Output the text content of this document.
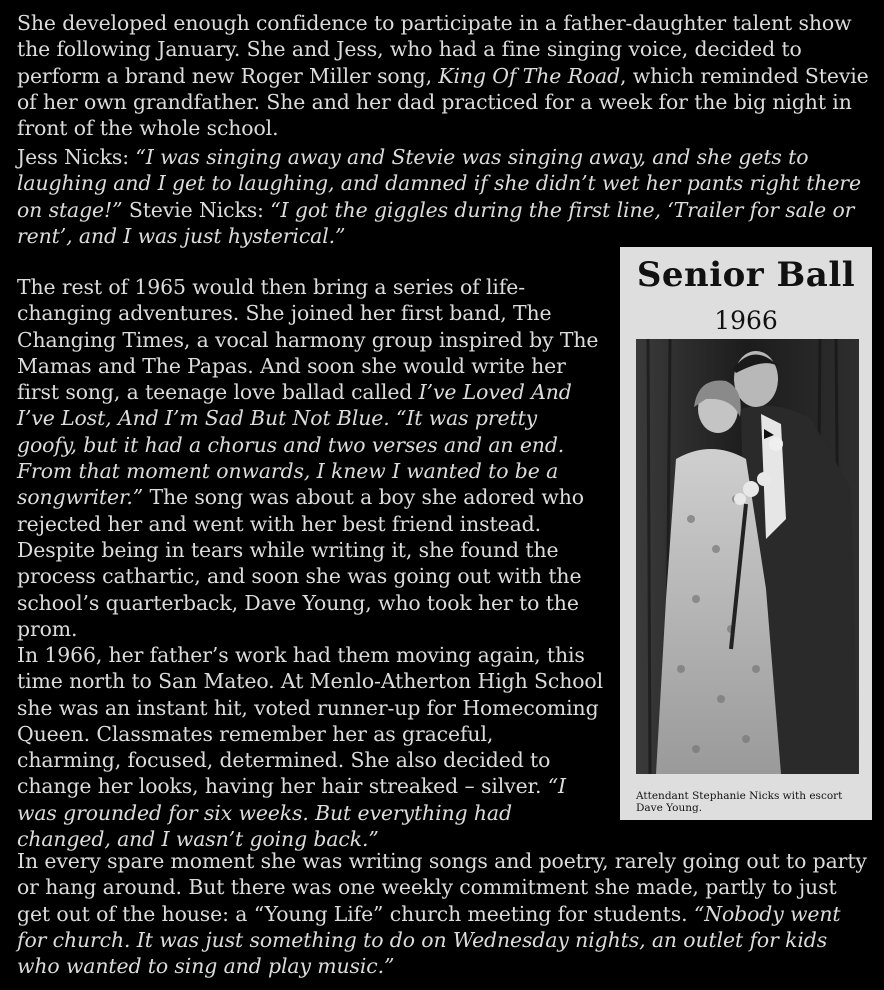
She developed enough confidence to participate in a father-daughter talent show the following January. She and Jess, who had a fine singing voice, decided to perform a brand new Roger Miller song, King Of The Road, which reminded Stevie of her own grandfather. She and her dad practiced for a week for the big night in front of the whole school.

Jess Nicks: “I was singing away and Stevie was singing away, and she gets to laughing and I get to laughing, and damned if she didn’t wet her pants right there on stage!” Stevie Nicks: “I got the giggles during the first line, ‘Trailer for sale or rent’, and I was just hysterical.”

The rest of 1965 would then bring a series of life-changing adventures. She joined her first band, The Changing Times, a vocal harmony group inspired by The Mamas and The Papas. And soon she would write her first song, a teenage love ballad called I’ve Loved And I’ve Lost, And I’m Sad But Not Blue. “It was pretty goofy, but it had a chorus and two verses and an end. From that moment onwards, I knew I wanted to be a songwriter.” The song was about a boy she adored who rejected her and went with her best friend instead. Despite being in tears while writing it, she found the process cathartic, and soon she was going out with the school’s quarterback, Dave Young, who took her to the prom.

In 1966, her father’s work had them moving again, this time north to San Mateo. At Menlo-Atherton High School she was an instant hit, voted runner-up for Homecoming Queen. Classmates remember her as graceful, charming, focused, determined. She also decided to change her looks, having her hair streaked – silver. “I was grounded for six weeks. But everything had changed, and I wasn’t going back.”

In every spare moment she was writing songs and poetry, rarely going out to party or hang around. But there was one weekly commitment she made, partly to just get out of the house: a “Young Life” church meeting for students. “Nobody went for church. It was just something to do on Wednesday nights, an outlet for kids who wanted to sing and play music.”

Senior Ball
1966
Attendant Stephanie Nicks with escort Dave Young.
